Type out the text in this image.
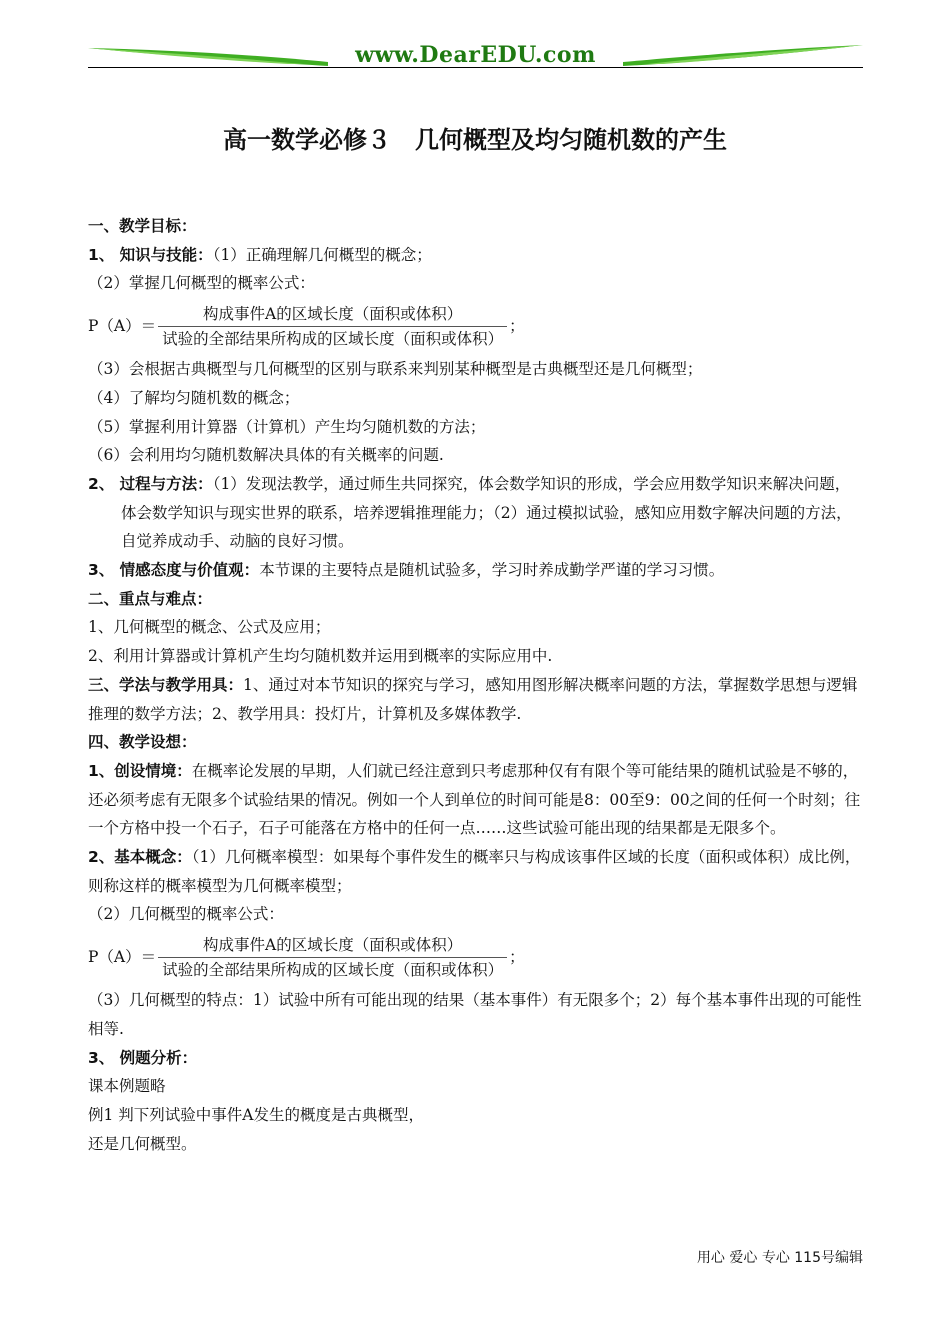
www.DearEDU.com
高一数学必修３　几何概型及均匀随机数的产生

一、教学目标：

1、 知识与技能：（1）正确理解几何概型的概念；

（2）掌握几何概型的概率公式：

$P(A)= \frac{\text{构成事件A的区域长度（面积或体积）}}{\text{试验的全部结果所构成的区域长度（面积或体积）}}$ ；

（3）会根据古典概型与几何概型的区别与联系来判别某种概型是古典概型还是几何概型；

（4）了解均匀随机数的概念；

（5）掌握利用计算器（计算机）产生均匀随机数的方法；

（6）会利用均匀随机数解决具体的有关概率的问题.

2、 过程与方法：（1）发现法教学，通过师生共同探究，体会数学知识的形成，学会应用数学知识来解决问题，体会数学知识与现实世界的联系，培养逻辑推理能力；（2）通过模拟试验，感知应用数字解决问题的方法，自觉养成动手、动脑的良好习惯。

3、 情感态度与价值观：本节课的主要特点是随机试验多，学习时养成勤学严谨的学习习惯。

二、重点与难点：

1、几何概型的概念、公式及应用；

2、利用计算器或计算机产生均匀随机数并运用到概率的实际应用中.

三、学法与教学用具：1、通过对本节知识的探究与学习，感知用图形解决概率问题的方法，掌握数学思想与逻辑推理的数学方法；2、教学用具：投灯片，计算机及多媒体教学.

四、教学设想：

1、创设情境：在概率论发展的早期，人们就已经注意到只考虑那种仅有有限个等可能结果的随机试验是不够的，还必须考虑有无限多个试验结果的情况。例如一个人到单位的时间可能是8：00至9：00之间的任何一个时刻；往一个方格中投一个石子，石子可能落在方格中的任何一点……这些试验可能出现的结果都是无限多个。

2、基本概念：（1）几何概率模型：如果每个事件发生的概率只与构成该事件区域的长度（面积或体积）成比例，则称这样的概率模型为几何概率模型；

（2）几何概型的概率公式：

$P(A)= \frac{\text{构成事件A的区域长度（面积或体积）}}{\text{试验的全部结果所构成的区域长度（面积或体积）}}$ ；

（3）几何概型的特点：1）试验中所有可能出现的结果（基本事件）有无限多个；2）每个基本事件出现的可能性相等.

3、 例题分析：

课本例题略

例1 判下列试验中事件A发生的概度是古典概型，

还是几何概型。

用心 爱心 专心 115号编辑
